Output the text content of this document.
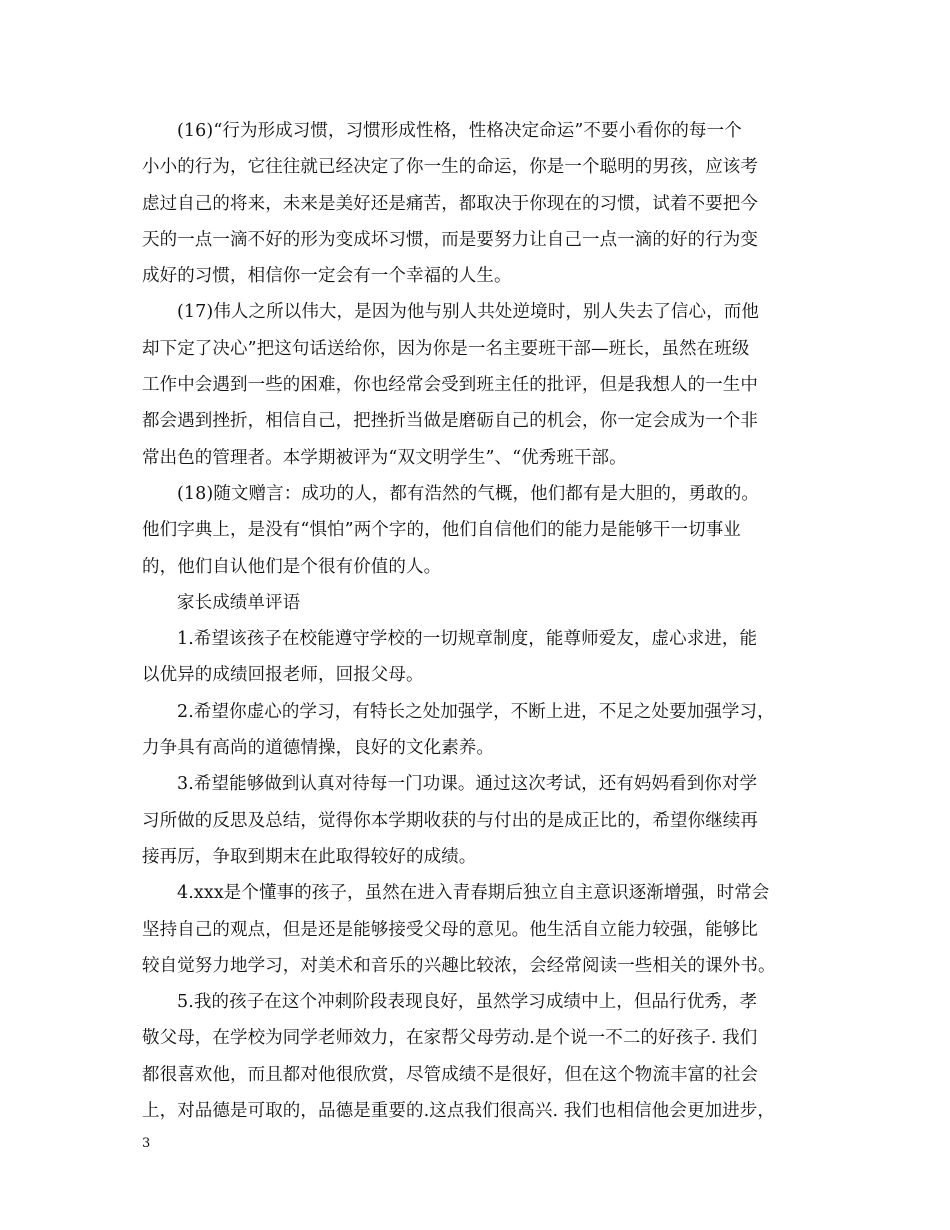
(16)“行为形成习惯，习惯形成性格，性格决定命运”不要小看你的每一个
小小的行为，它往往就已经决定了你一生的命运，你是一个聪明的男孩，应该考
虑过自己的将来，未来是美好还是痛苦，都取决于你现在的习惯，试着不要把今
天的一点一滴不好的形为变成坏习惯，而是要努力让自己一点一滴的好的行为变
成好的习惯，相信你一定会有一个幸福的人生。
(17)伟人之所以伟大，是因为他与别人共处逆境时，别人失去了信心，而他
却下定了决心”把这句话送给你，因为你是一名主要班干部—班长，虽然在班级
工作中会遇到一些的困难，你也经常会受到班主任的批评，但是我想人的一生中
都会遇到挫折，相信自己，把挫折当做是磨砺自己的机会，你一定会成为一个非
常出色的管理者。本学期被评为“双文明学生”、“优秀班干部。
(18)随文赠言：成功的人，都有浩然的气概，他们都有是大胆的，勇敢的。
他们字典上，是没有“惧怕”两个字的，他们自信他们的能力是能够干一切事业
的，他们自认他们是个很有价值的人。
家长成绩单评语
1.希望该孩子在校能遵守学校的一切规章制度，能尊师爱友，虚心求进，能
以优异的成绩回报老师，回报父母。
2.希望你虚心的学习，有特长之处加强学，不断上进，不足之处要加强学习，
力争具有高尚的道德情操，良好的文化素养。
3.希望能够做到认真对待每一门功课。通过这次考试，还有妈妈看到你对学
习所做的反思及总结，觉得你本学期收获的与付出的是成正比的，希望你继续再
接再厉，争取到期末在此取得较好的成绩。
4.xxx是个懂事的孩子，虽然在进入青春期后独立自主意识逐渐增强，时常会
坚持自己的观点，但是还是能够接受父母的意见。他生活自立能力较强，能够比
较自觉努力地学习，对美术和音乐的兴趣比较浓，会经常阅读一些相关的课外书。
5.我的孩子在这个冲刺阶段表现良好，虽然学习成绩中上，但品行优秀，孝
敬父母，在学校为同学老师效力，在家帮父母劳动.是个说一不二的好孩子. 我们
都很喜欢他，而且都对他很欣赏，尽管成绩不是很好，但在这个物流丰富的社会
上，对品德是可取的，品德是重要的.这点我们很高兴. 我们也相信他会更加进步，
3
